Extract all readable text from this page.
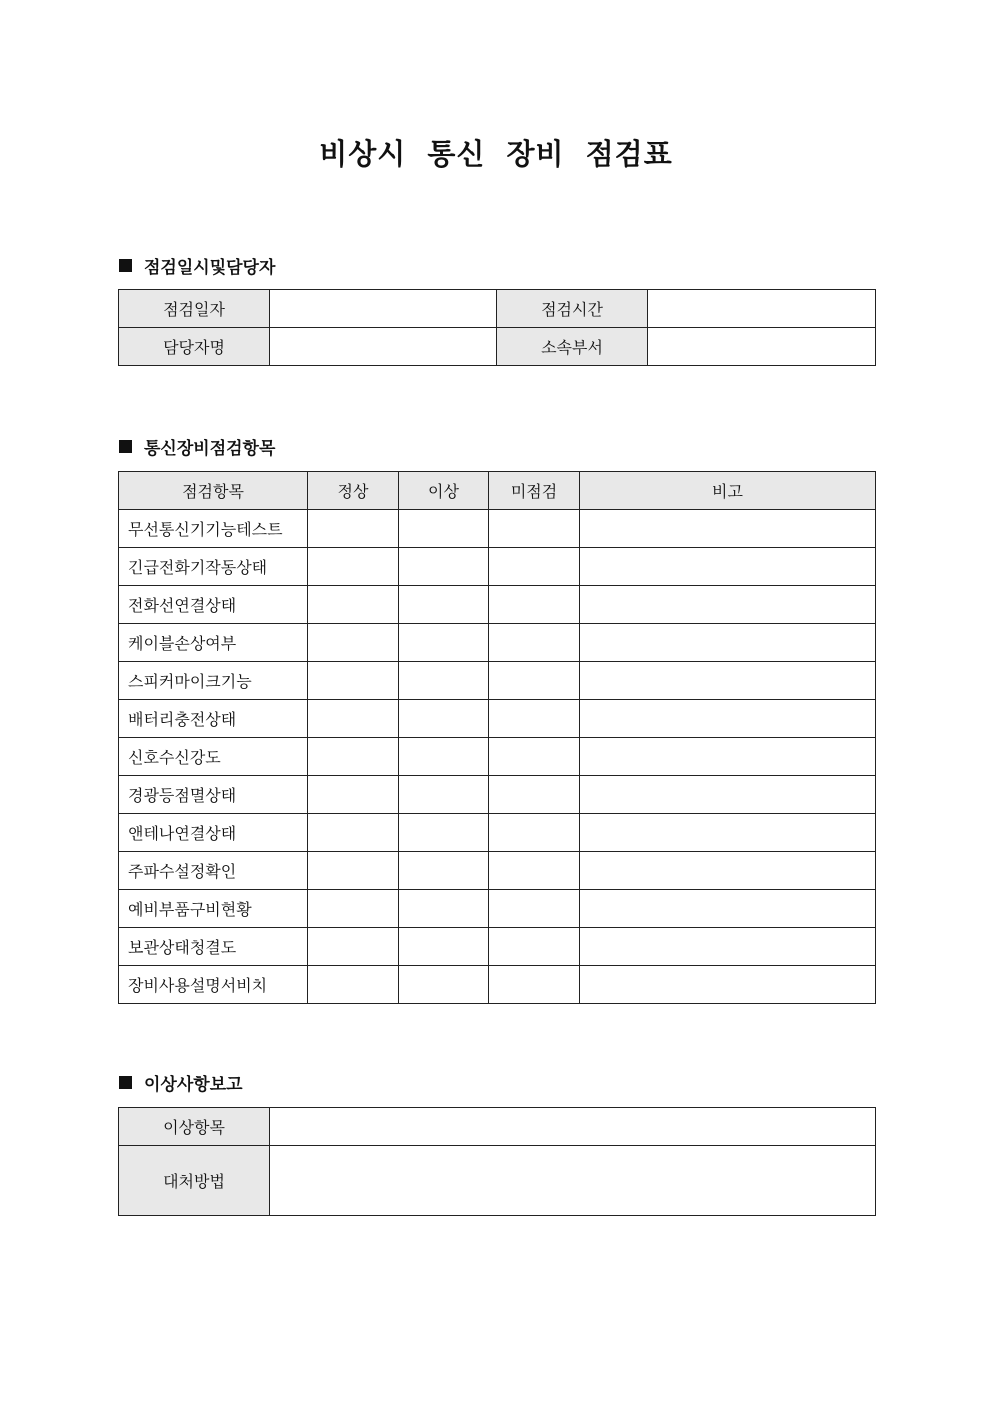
비상시 통신 장비 점검표
점검일시및담당자
점검일자		점검시간	
담당자명		소속부서	
통신장비점검항목
점검항목	정상	이상	미점검	비고
무선통신기기능테스트				
긴급전화기작동상태				
전화선연결상태				
케이블손상여부				
스피커마이크기능				
배터리충전상태				
신호수신강도				
경광등점멸상태				
앤테나연결상태				
주파수설정확인				
예비부품구비현황				
보관상태청결도				
장비사용설명서비치				
이상사항보고
이상항목	
대처방법	
